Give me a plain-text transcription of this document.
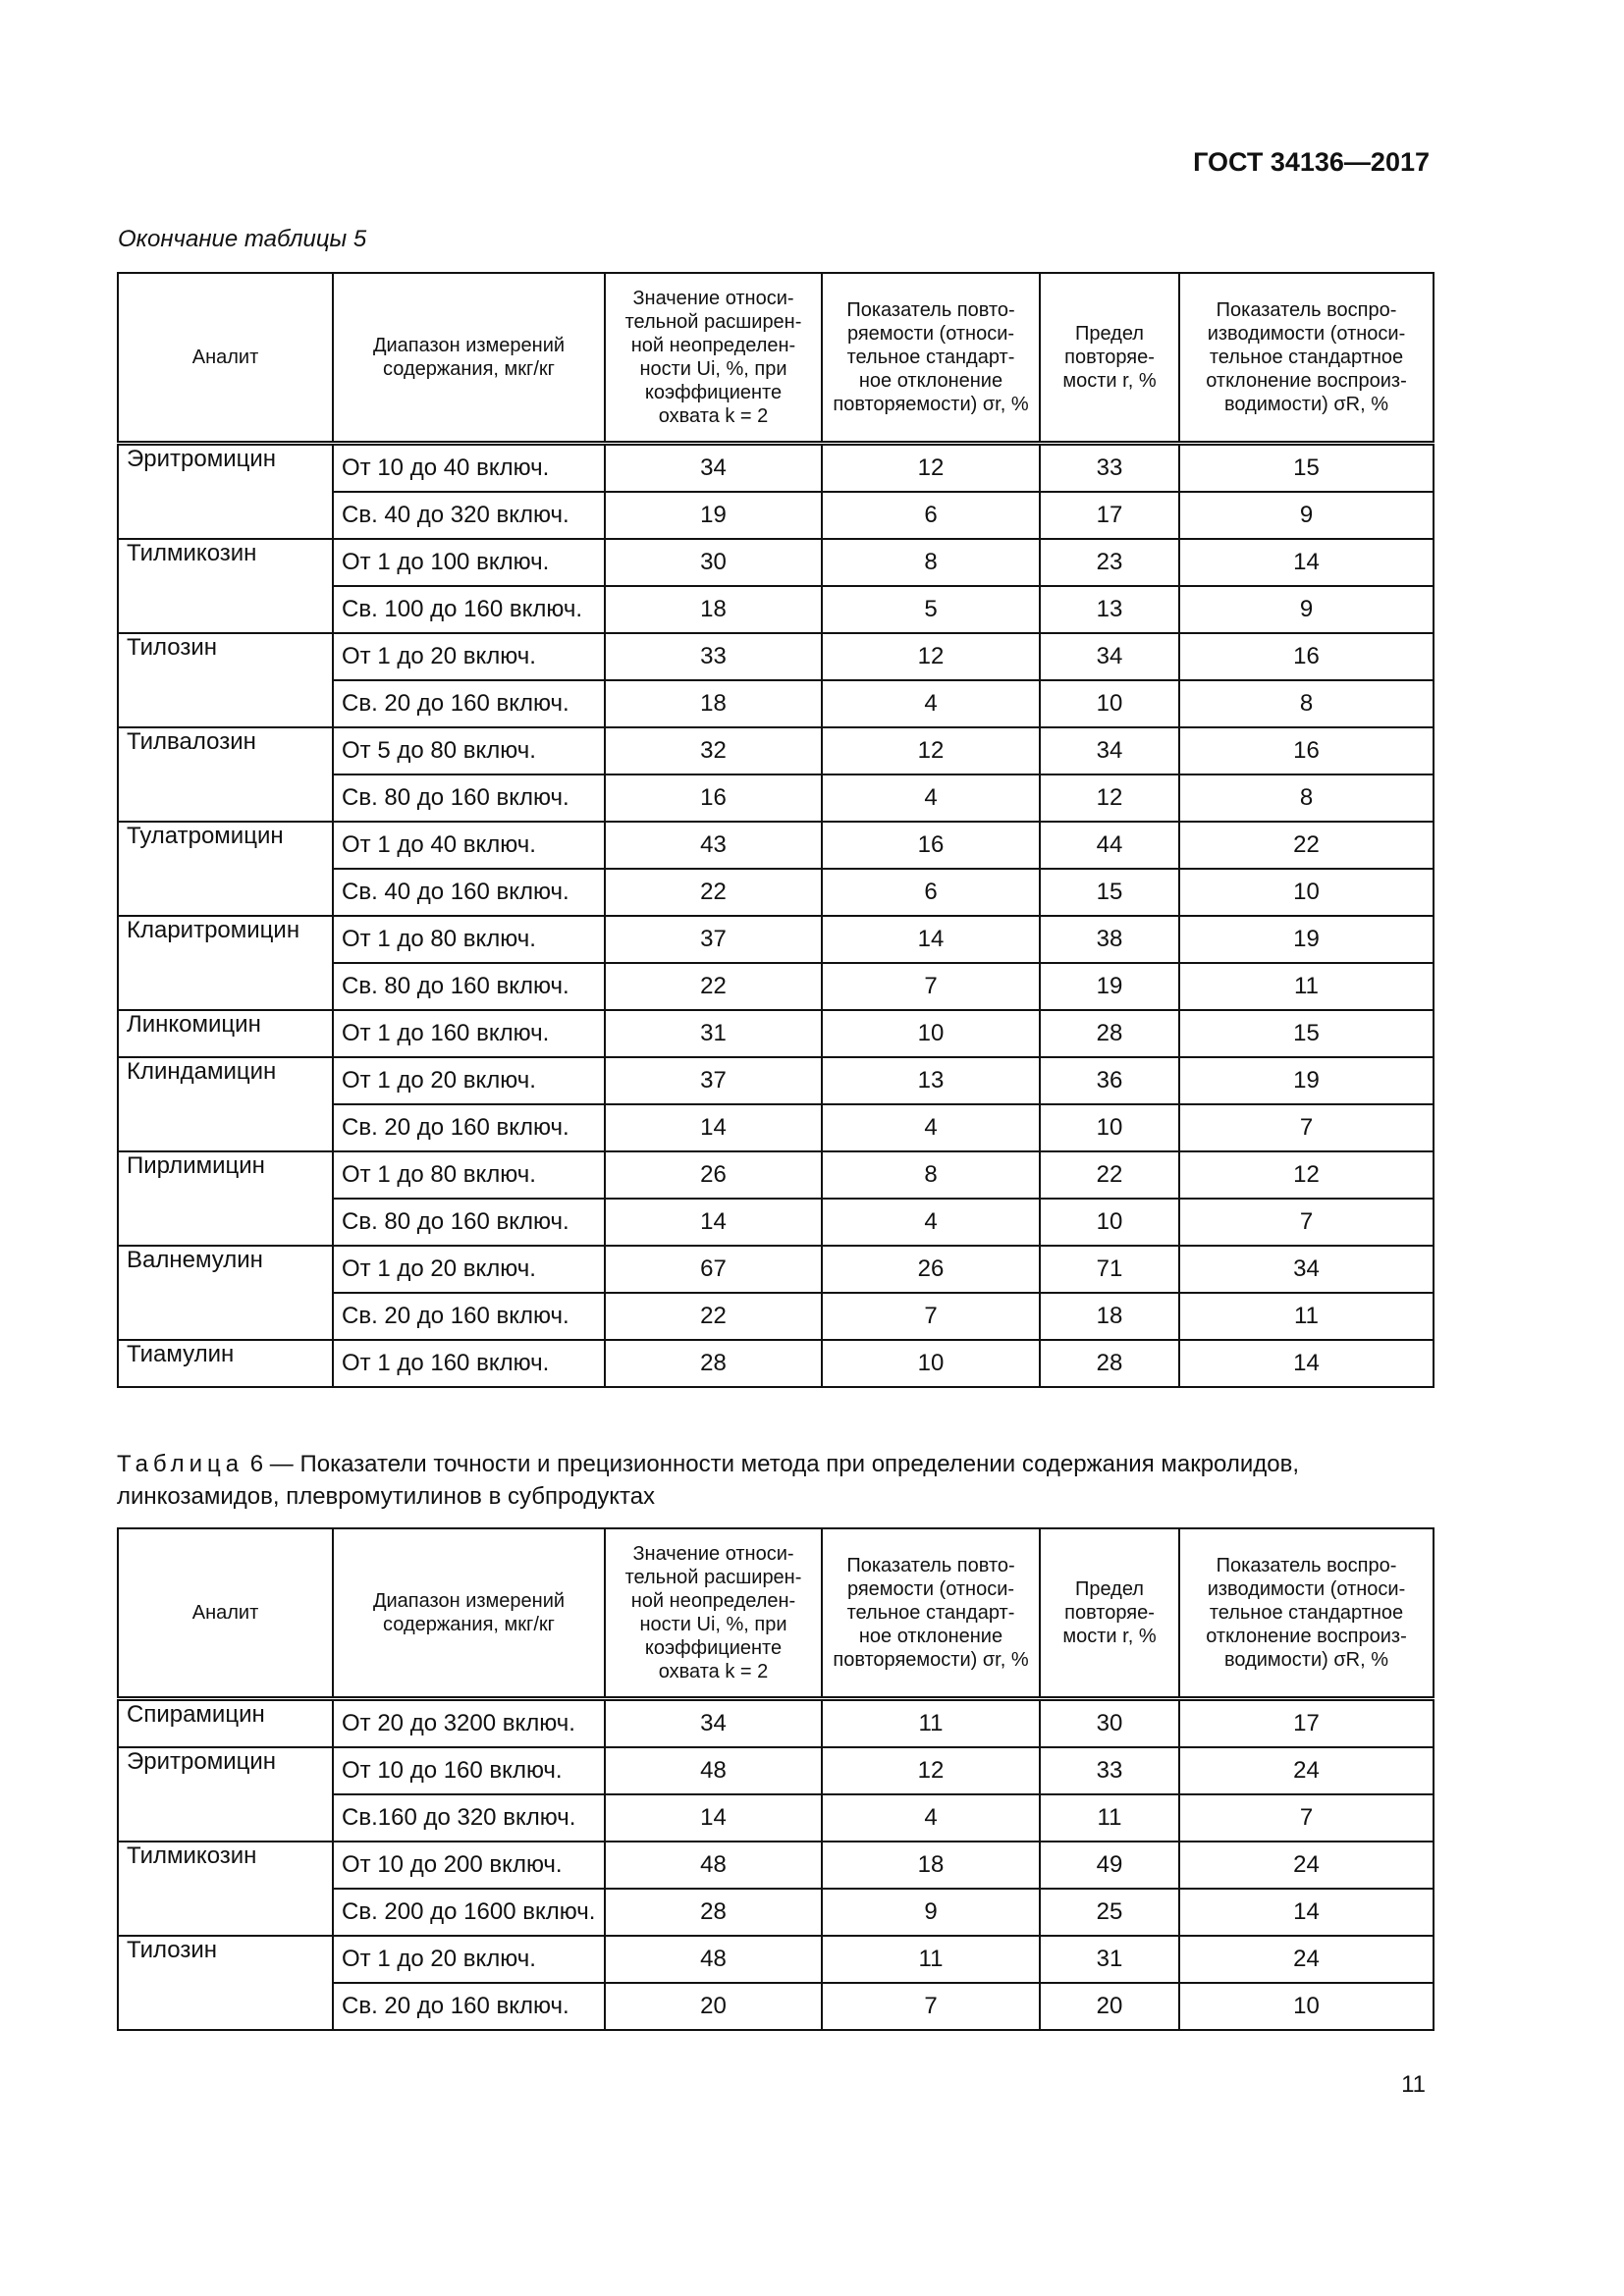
ГОСТ 34136—2017
Окончание таблицы 5
Аналит	Диапазон измерений содержания, мкг/кг	Значение относи-тельной расширен-ной неопределен-ности Ui, %, при коэффициенте охвата k = 2	Показатель повто-ряемости (относи-тельное стандарт-ное отклонение повторяемости) σr, %	Предел повторяе-мости r, %	Показатель воспро-изводимости (относи-тельное стандартное отклонение воспроиз-водимости) σR, %
Эритромицин	От 10 до 40 включ.	34	12	33	15
	Св. 40 до 320 включ.	19	6	17	9
Тилмикозин	От 1 до 100 включ.	30	8	23	14
	Св. 100 до 160 включ.	18	5	13	9
Тилозин	От 1 до 20 включ.	33	12	34	16
	Св. 20 до 160 включ.	18	4	10	8
Тилвалозин	От 5 до 80 включ.	32	12	34	16
	Св. 80 до 160 включ.	16	4	12	8
Тулатромицин	От 1 до 40 включ.	43	16	44	22
	Св. 40 до 160 включ.	22	6	15	10
Кларитромицин	От 1 до 80 включ.	37	14	38	19
	Св. 80 до 160 включ.	22	7	19	11
Линкомицин	От 1 до 160 включ.	31	10	28	15
Клиндамицин	От 1 до 20 включ.	37	13	36	19
	Св. 20 до 160 включ.	14	4	10	7
Пирлимицин	От 1 до 80 включ.	26	8	22	12
	Св. 80 до 160 включ.	14	4	10	7
Валнемулин	От 1 до 20 включ.	67	26	71	34
	Св. 20 до 160 включ.	22	7	18	11
Тиамулин	От 1 до 160 включ.	28	10	28	14
Таблица 6 — Показатели точности и прецизионности метода при определении содержания макролидов, линкозамидов, плевромутилинов в субпродуктах
Аналит	Диапазон измерений содержания, мкг/кг	Значение относи-тельной расширен-ной неопределен-ности Ui, %, при коэффициенте охвата k = 2	Показатель повто-ряемости (относи-тельное стандарт-ное отклонение повторяемости) σr, %	Предел повторяе-мости r, %	Показатель воспро-изводимости (относи-тельное стандартное отклонение воспроиз-водимости) σR, %
Спирамицин	От 20 до 3200 включ.	34	11	30	17
Эритромицин	От 10 до 160 включ.	48	12	33	24
	Св.160 до 320 включ.	14	4	11	7
Тилмикозин	От 10 до 200 включ.	48	18	49	24
	Св. 200 до 1600 включ.	28	9	25	14
Тилозин	От 1 до 20 включ.	48	11	31	24
	Св. 20 до 160 включ.	20	7	20	10
11
